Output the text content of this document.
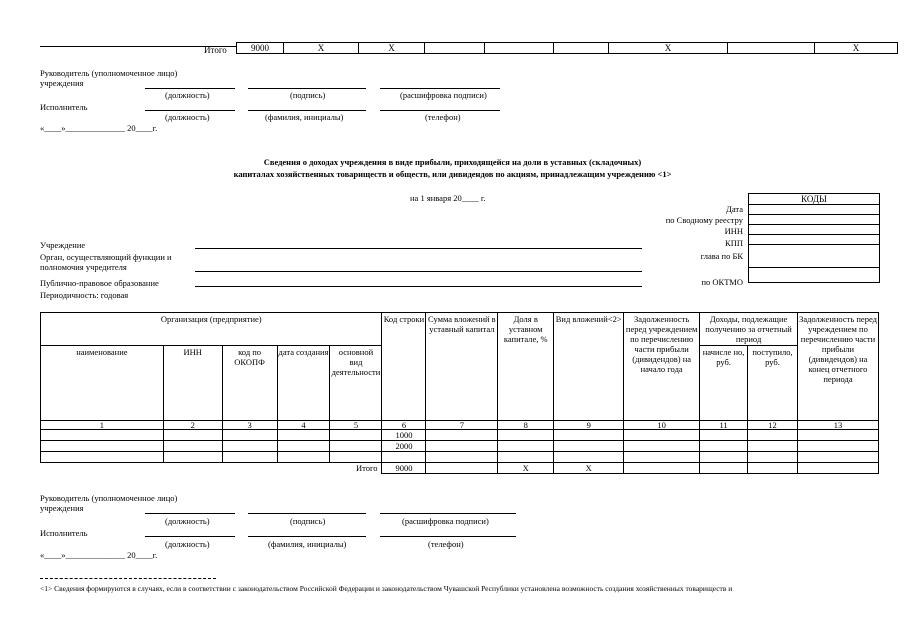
Итого	9000	X	X				X		X
Руководитель (уполномоченное лицо)
учреждения
(должность)	(подпись)	(расшифровка подписи)
Исполнитель
(должность)	(фамилия, инициалы)	(телефон)
«____»______________ 20____г.
Сведения о доходах учреждения в виде прибыли, приходящейся на доли в уставных (складочных)
капиталах хозяйственных товариществ и обществ, или дивидендов по акциям, принадлежащим учреждению <1>
на 1 января 20____ г.	КОДЫ

Дата
по Сводному реестру
ИНН
КПП
глава по БК
по ОКТМО
Учреждение
Орган, осуществляющий функции и
полномочия учредителя
Публично-правовое образование
Периодичность: годовая
Организация (предприятие)					Код строки	Сумма вложений в уставный капитал	Доля в уставном капитале, %	Вид вложений<2>	Задолженность перед учреждением по перечислению части прибыли (дивидендов) на начало года	Доходы, подлежащие получению за отчетный период		Задолженность перед учреждением по перечислению части прибыли (дивидендов) на конец отчетного периода
наименование	ИНН	код по ОКОПФ	дата создания	основной вид деятельности						начисле но, руб.	поступило, руб.	

1	2	3	4	5	6	7	8	9	10	11	12	13
					1000							
					2000							

				Итого	9000		X	X				
Руководитель (уполномоченное лицо)
учреждения
(должность)	(подпись)	(расшифровка подписи)
Исполнитель
(должность)	(фамилия, инициалы)	(телефон)
«____»______________ 20____г.
<1> Сведения формируются в случаях, если в соответствии с законодательством Российской Федерации и законодательством Чувашской Республики установлена возможность создания хозяйственных товариществ и
